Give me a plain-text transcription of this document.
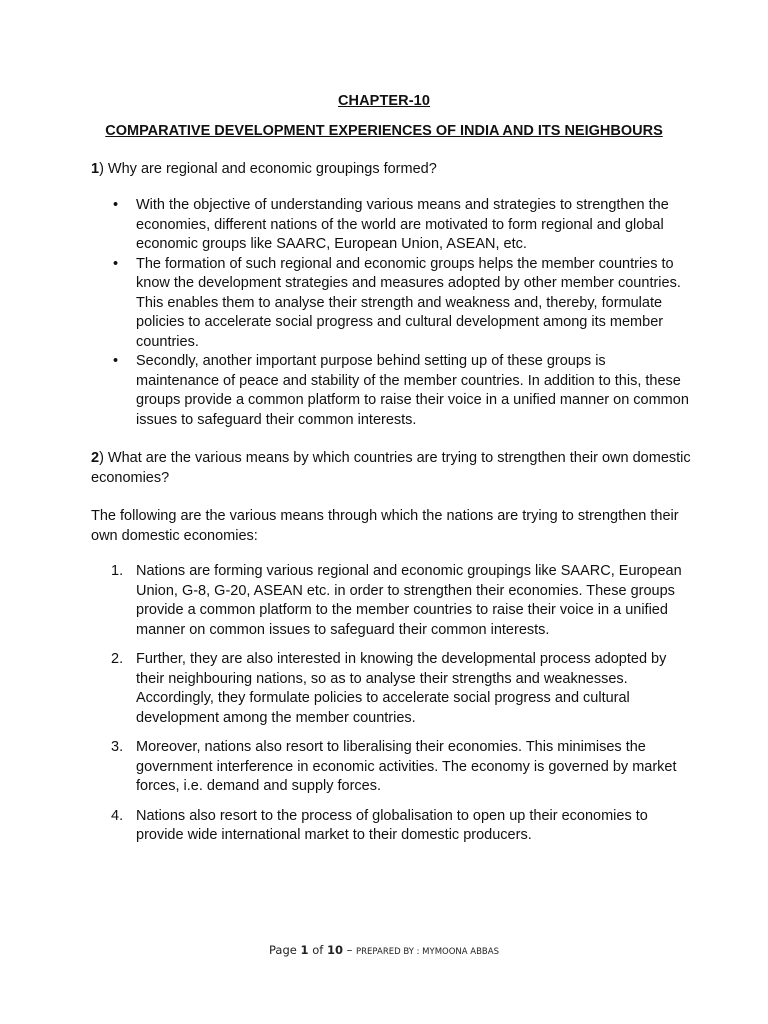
CHAPTER-10
COMPARATIVE DEVELOPMENT EXPERIENCES OF INDIA AND ITS NEIGHBOURS
1) Why are regional and economic groupings formed?
• With the objective of understanding various means and strategies to strengthen the economies, different nations of the world are motivated to form regional and global economic groups like SAARC, European Union, ASEAN, etc.
• The formation of such regional and economic groups helps the member countries to know the development strategies and measures adopted by other member countries. This enables them to analyse their strength and weakness and, thereby, formulate policies to accelerate social progress and cultural development among its member countries.
• Secondly, another important purpose behind setting up of these groups is maintenance of peace and stability of the member countries. In addition to this, these groups provide a common platform to raise their voice in a unified manner on common issues to safeguard their common interests.
2) What are the various means by which countries are trying to strengthen their own domestic economies?
The following are the various means through which the nations are trying to strengthen their own domestic economies:
1. Nations are forming various regional and economic groupings like SAARC, European Union, G-8, G-20, ASEAN etc. in order to strengthen their economies. These groups provide a common platform to the member countries to raise their voice in a unified manner on common issues to safeguard their common interests.
2. Further, they are also interested in knowing the developmental process adopted by their neighbouring nations, so as to analyse their strengths and weaknesses. Accordingly, they formulate policies to accelerate social progress and cultural development among the member countries.
3. Moreover, nations also resort to liberalising their economies. This minimises the government interference in economic activities. The economy is governed by market forces, i.e. demand and supply forces.
4. Nations also resort to the process of globalisation to open up their economies to provide wide international market to their domestic producers.
Page 1 of 10 – PREPARED BY : MYMOONA ABBAS
